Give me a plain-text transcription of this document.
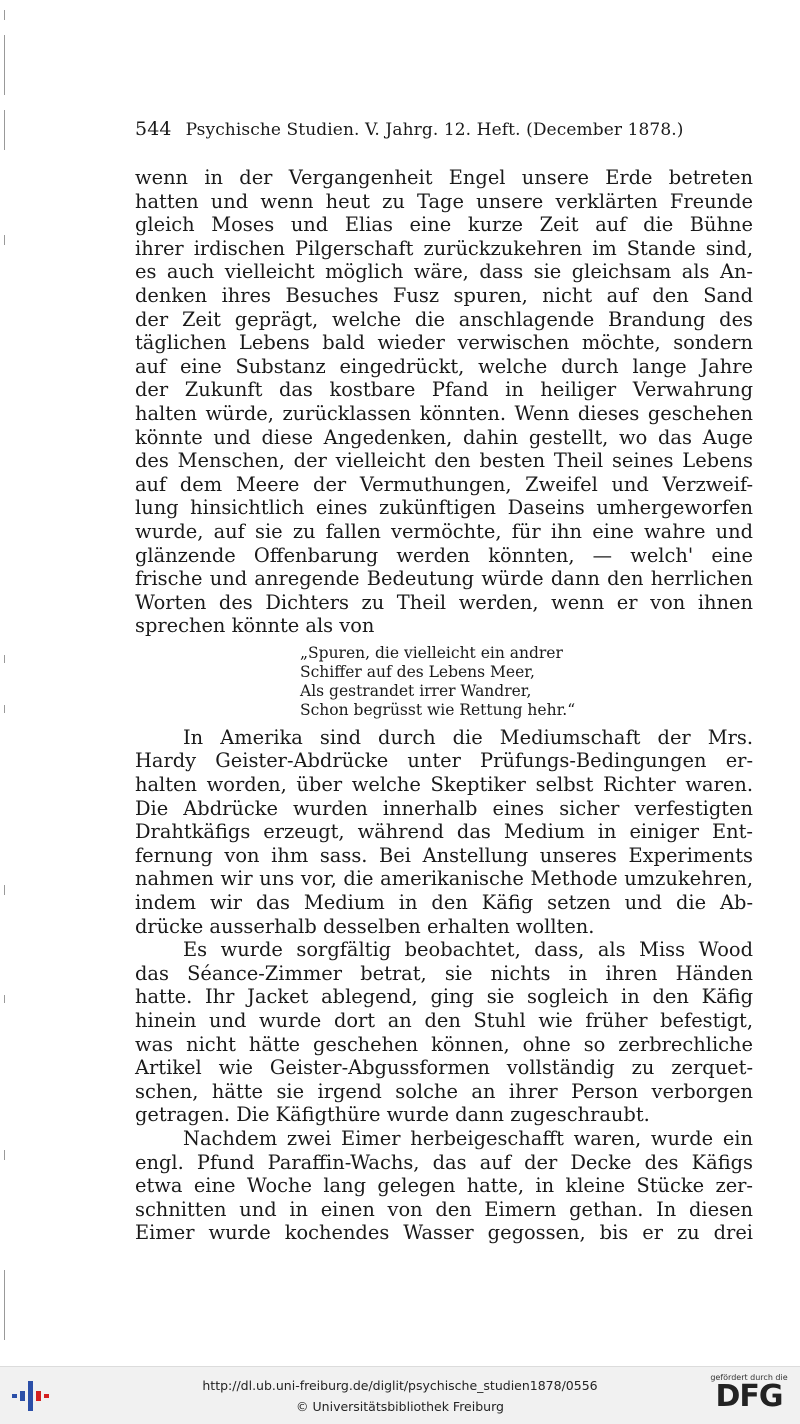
544 Psychische Studien. V. Jahrg. 12. Heft. (December 1878.)
wenn in der Vergangenheit Engel unsere Erde betreten
hatten und wenn heut zu Tage unsere verklärten Freunde
gleich Moses und Elias eine kurze Zeit auf die Bühne
ihrer irdischen Pilgerschaft zurückzukehren im Stande sind,
es auch vielleicht möglich wäre, dass sie gleichsam als An-
denken ihres Besuches Fusz spuren, nicht auf den Sand
der Zeit geprägt, welche die anschlagende Brandung des
täglichen Lebens bald wieder verwischen möchte, sondern
auf eine Substanz eingedrückt, welche durch lange Jahre
der Zukunft das kostbare Pfand in heiliger Verwahrung
halten würde, zurücklassen könnten. Wenn dieses geschehen
könnte und diese Angedenken, dahin gestellt, wo das Auge
des Menschen, der vielleicht den besten Theil seines Lebens
auf dem Meere der Vermuthungen, Zweifel und Verzweif-
lung hinsichtlich eines zukünftigen Daseins umhergeworfen
wurde, auf sie zu fallen vermöchte, für ihn eine wahre und
glänzende Offenbarung werden könnten, — welch' eine
frische und anregende Bedeutung würde dann den herrlichen
Worten des Dichters zu Theil werden, wenn er von ihnen
sprechen könnte als von
„Spuren, die vielleicht ein andrer
Schiffer auf des Lebens Meer,
Als gestrandet irrer Wandrer,
Schon begrüsst wie Rettung hehr.“
In Amerika sind durch die Mediumschaft der Mrs.
Hardy Geister-Abdrücke unter Prüfungs-Bedingungen er-
halten worden, über welche Skeptiker selbst Richter waren.
Die Abdrücke wurden innerhalb eines sicher verfestigten
Drahtkäfigs erzeugt, während das Medium in einiger Ent-
fernung von ihm sass. Bei Anstellung unseres Experiments
nahmen wir uns vor, die amerikanische Methode umzukehren,
indem wir das Medium in den Käfig setzen und die Ab-
drücke ausserhalb desselben erhalten wollten.
Es wurde sorgfältig beobachtet, dass, als Miss Wood
das Séance-Zimmer betrat, sie nichts in ihren Händen
hatte. Ihr Jacket ablegend, ging sie sogleich in den Käfig
hinein und wurde dort an den Stuhl wie früher befestigt,
was nicht hätte geschehen können, ohne so zerbrechliche
Artikel wie Geister-Abgussformen vollständig zu zerquet-
schen, hätte sie irgend solche an ihrer Person verborgen
getragen. Die Käfigthüre wurde dann zugeschraubt.
Nachdem zwei Eimer herbeigeschafft waren, wurde ein
engl. Pfund Paraffin-Wachs, das auf der Decke des Käfigs
etwa eine Woche lang gelegen hatte, in kleine Stücke zer-
schnitten und in einen von den Eimern gethan. In diesen
Eimer wurde kochendes Wasser gegossen, bis er zu drei
http://dl.ub.uni-freiburg.de/diglit/psychische_studien1878/0556
© Universitätsbibliothek Freiburg
gefördert durch die
DFG
